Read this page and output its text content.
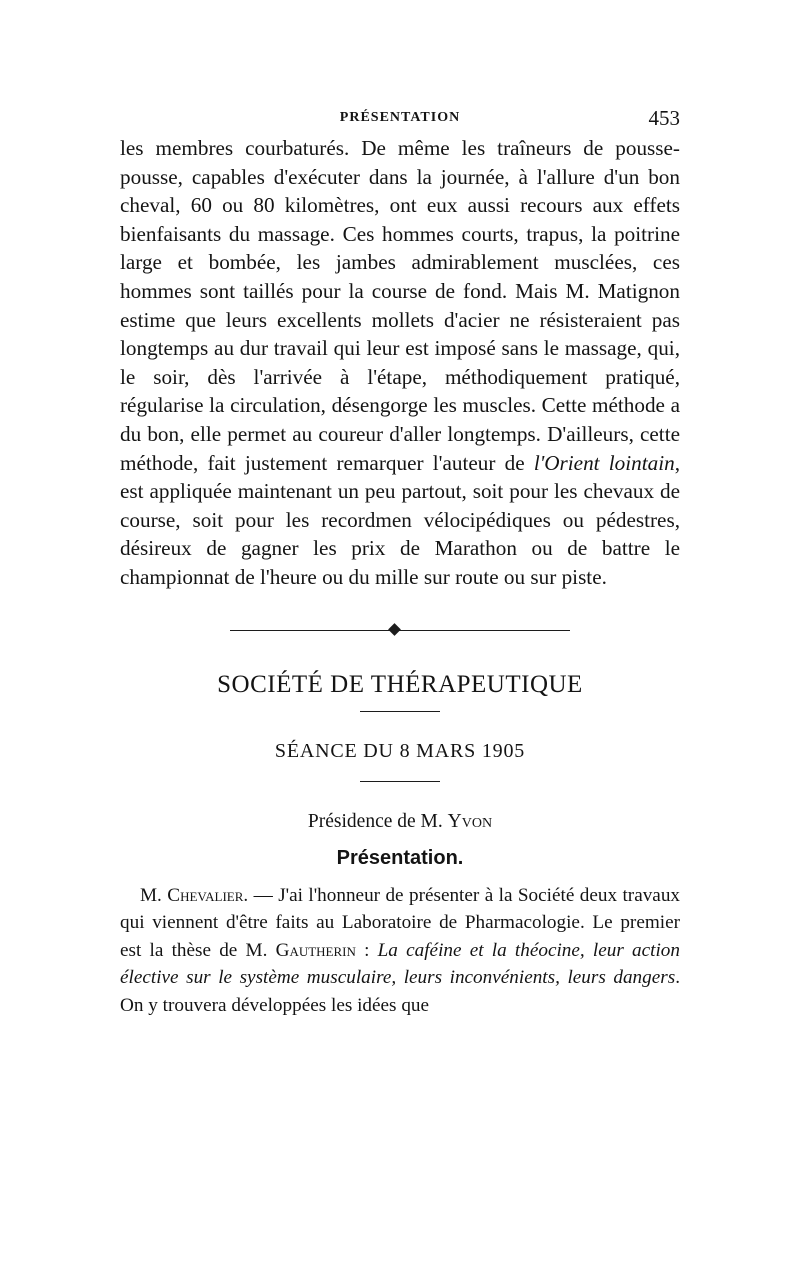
PRÉSENTATION	453

les membres courbaturés. De même les traîneurs de pousse-pousse, capables d'exécuter dans la journée, à l'allure d'un bon cheval, 60 ou 80 kilomètres, ont eux aussi recours aux effets bienfaisants du massage. Ces hommes courts, trapus, la poitrine large et bombée, les jambes admirablement musclées, ces hommes sont taillés pour la course de fond. Mais M. Matignon estime que leurs excellents mollets d'acier ne résisteraient pas longtemps au dur travail qui leur est imposé sans le massage, qui, le soir, dès l'arrivée à l'étape, méthodiquement pratiqué, régularise la circulation, désengorge les muscles. Cette méthode a du bon, elle permet au coureur d'aller longtemps. D'ailleurs, cette méthode, fait justement remarquer l'auteur de l'Orient lointain, est appliquée maintenant un peu partout, soit pour les chevaux de course, soit pour les recordmen vélocipédiques ou pédestres, désireux de gagner les prix de Marathon ou de battre le championnat de l'heure ou du mille sur route ou sur piste.

SOCIÉTÉ DE THÉRAPEUTIQUE
SÉANCE DU 8 MARS 1905
Présidence de M. Yvon
Présentation.

M. Chevalier. — J'ai l'honneur de présenter à la Société deux travaux qui viennent d'être faits au Laboratoire de Pharmacologie. Le premier est la thèse de M. Gautherin : La caféine et la théocine, leur action élective sur le système musculaire, leurs inconvénients, leurs dangers. On y trouvera développées les idées que
